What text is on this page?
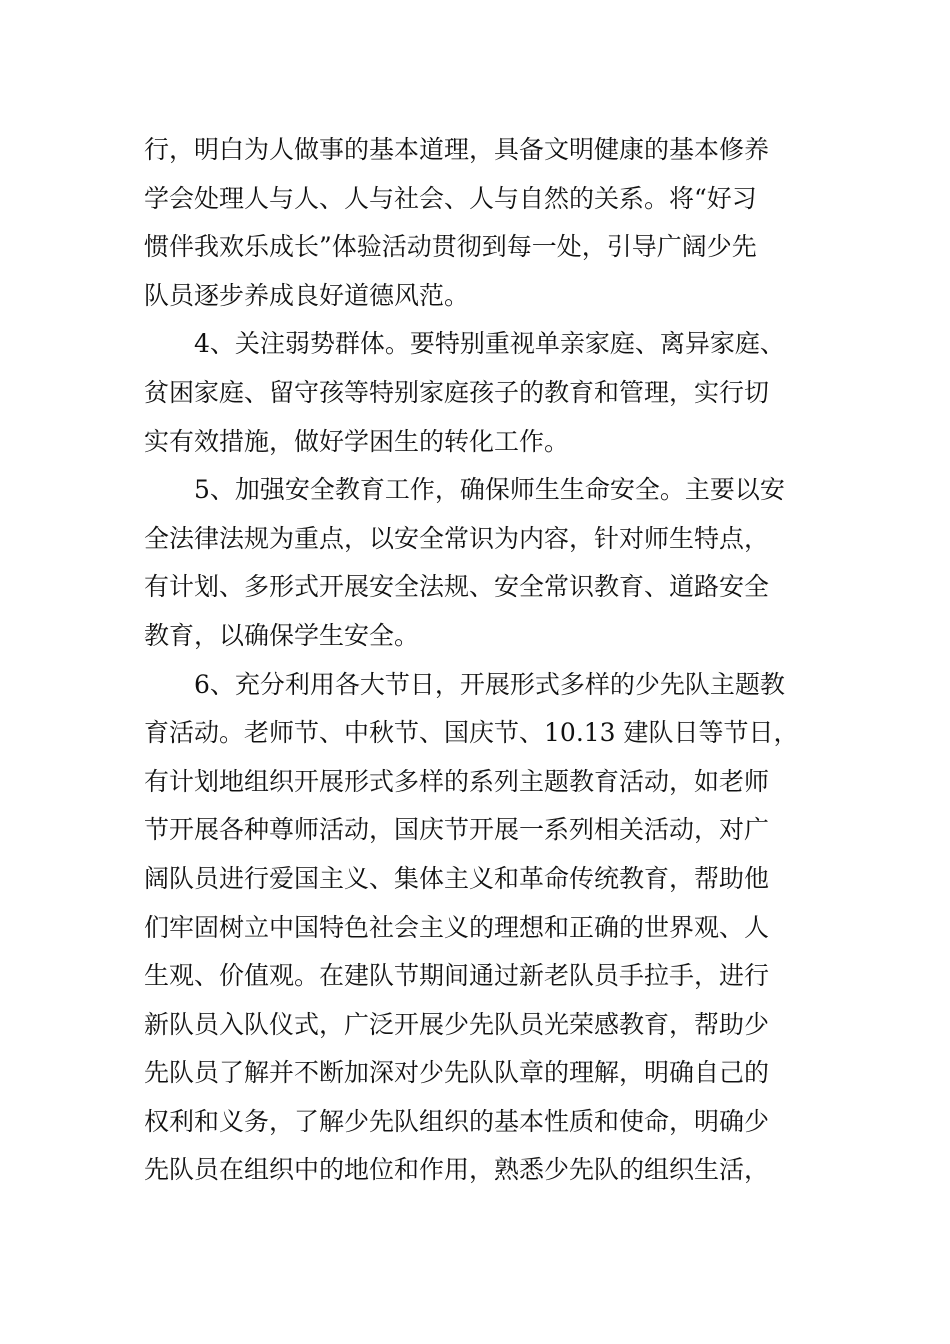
行，明白为人做事的基本道理，具备文明健康的基本修养
学会处理人与人、人与社会、人与自然的关系。将“好习
惯伴我欢乐成长”体验活动贯彻到每一处，引导广阔少先
队员逐步养成良好道德风范。
4、关注弱势群体。要特别重视单亲家庭、离异家庭、
贫困家庭、留守孩等特别家庭孩子的教育和管理，实行切
实有效措施，做好学困生的转化工作。
5、加强安全教育工作，确保师生生命安全。主要以安
全法律法规为重点，以安全常识为内容，针对师生特点，
有计划、多形式开展安全法规、安全常识教育、道路安全
教育，以确保学生安全。
6、充分利用各大节日，开展形式多样的少先队主题教
育活动。老师节、中秋节、国庆节、10.13 建队日等节日，
有计划地组织开展形式多样的系列主题教育活动，如老师
节开展各种尊师活动，国庆节开展一系列相关活动，对广
阔队员进行爱国主义、集体主义和革命传统教育，帮助他
们牢固树立中国特色社会主义的理想和正确的世界观、人
生观、价值观。在建队节期间通过新老队员手拉手，进行
新队员入队仪式，广泛开展少先队员光荣感教育，帮助少
先队员了解并不断加深对少先队队章的理解，明确自己的
权利和义务，了解少先队组织的基本性质和使命，明确少
先队员在组织中的地位和作用，熟悉少先队的组织生活，
